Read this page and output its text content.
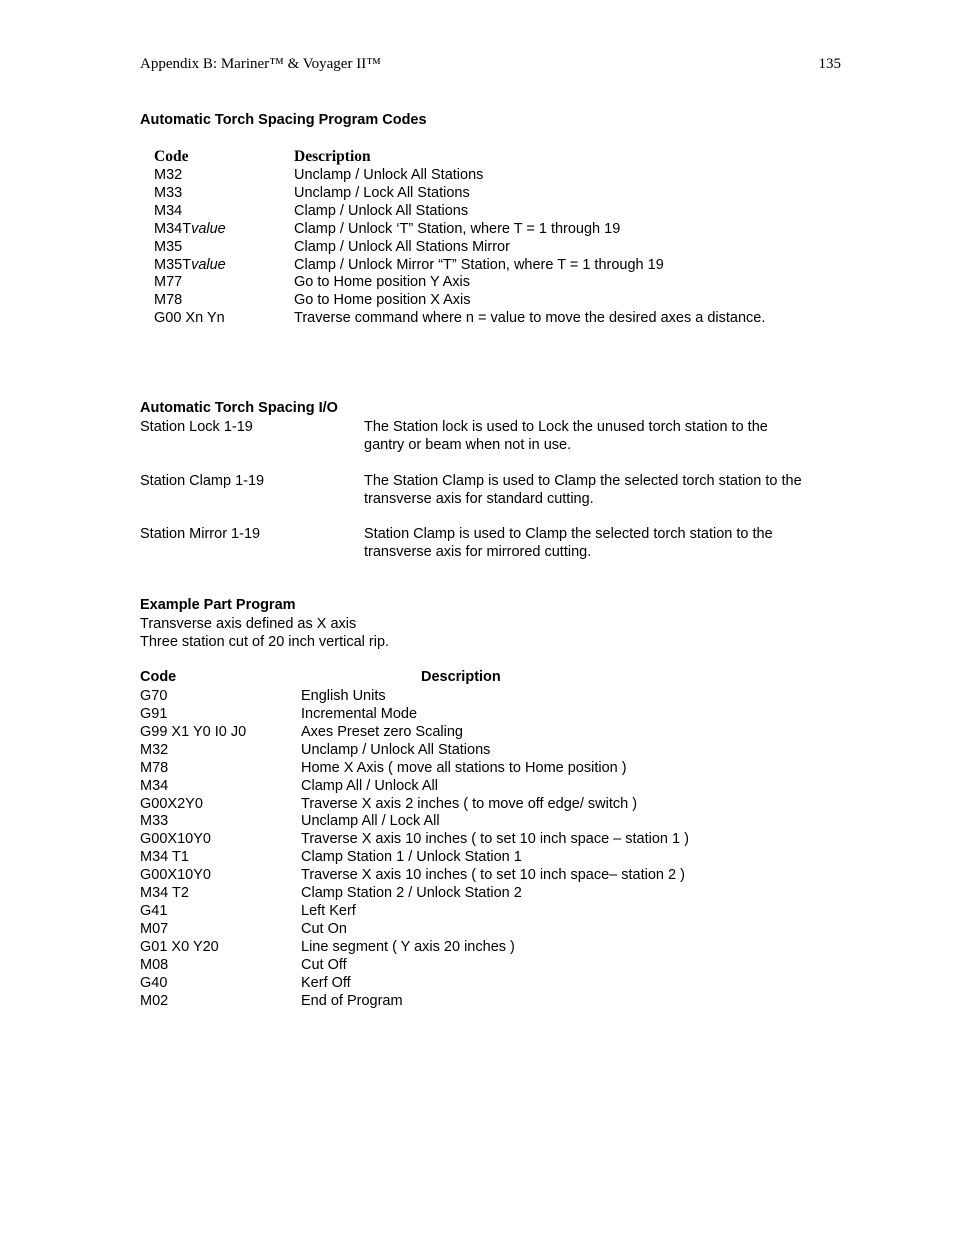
Appendix B: Mariner™ & Voyager II™	135
Automatic Torch Spacing Program Codes
Code	Description
M32	Unclamp / Unlock All Stations
M33	Unclamp / Lock All Stations
M34	Clamp / Unlock All Stations
M34Tvalue	Clamp / Unlock ‘T” Station, where T = 1 through 19
M35	Clamp / Unlock All Stations Mirror
M35Tvalue	Clamp / Unlock Mirror “T” Station, where T = 1 through 19
M77	Go to Home position Y Axis
M78	Go to Home position X Axis
G00 Xn Yn	Traverse command where n = value to move the desired axes a distance.
Automatic Torch Spacing I/O
Station Lock 1-19	The Station lock is used to Lock the unused torch station to the
gantry or beam when not in use.
Station Clamp 1-19	The Station Clamp is used to Clamp the selected torch station to the
transverse axis for standard cutting.
Station Mirror 1-19	Station Clamp is used to Clamp the selected torch station to the
transverse axis for mirrored cutting.
Example Part Program
Transverse axis defined as X axis
Three station cut of 20 inch vertical rip.
Code	Description
G70	English Units
G91	Incremental Mode
G99 X1 Y0 I0 J0	Axes Preset zero Scaling
M32	Unclamp / Unlock All Stations
M78	Home X Axis ( move all stations to Home position )
M34	Clamp All / Unlock All
G00X2Y0	Traverse X axis 2 inches ( to move off edge/ switch )
M33	Unclamp All / Lock All
G00X10Y0	Traverse X axis 10 inches ( to set 10 inch space – station 1 )
M34 T1	Clamp Station 1 / Unlock Station 1
G00X10Y0	Traverse X axis 10 inches ( to set 10 inch space– station 2 )
M34 T2	Clamp Station 2 / Unlock Station 2
G41	Left Kerf
M07	Cut On
G01 X0 Y20	Line segment ( Y axis 20 inches )
M08	Cut Off
G40	Kerf Off
M02	End of Program
